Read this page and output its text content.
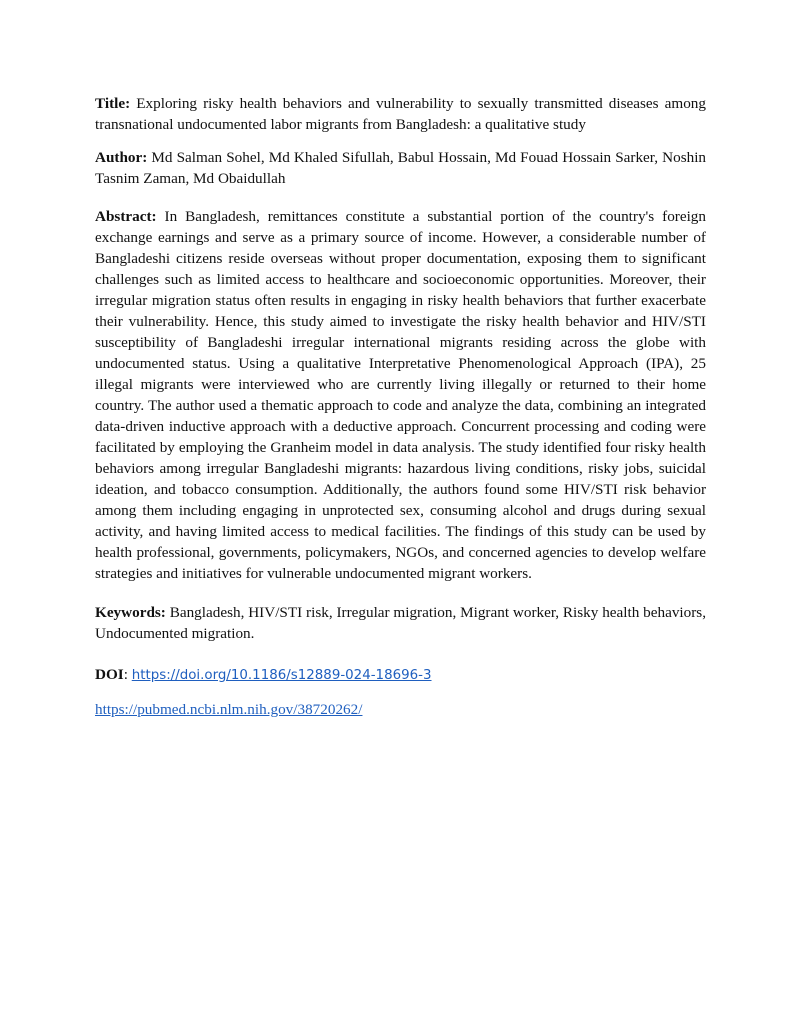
Title: Exploring risky health behaviors and vulnerability to sexually transmitted diseases among transnational undocumented labor migrants from Bangladesh: a qualitative study

Author: Md Salman Sohel, Md Khaled Sifullah, Babul Hossain, Md Fouad Hossain Sarker, Noshin Tasnim Zaman, Md Obaidullah

Abstract: In Bangladesh, remittances constitute a substantial portion of the country's foreign exchange earnings and serve as a primary source of income. However, a considerable number of Bangladeshi citizens reside overseas without proper documentation, exposing them to significant challenges such as limited access to healthcare and socioeconomic opportunities. Moreover, their irregular migration status often results in engaging in risky health behaviors that further exacerbate their vulnerability. Hence, this study aimed to investigate the risky health behavior and HIV/STI susceptibility of Bangladeshi irregular international migrants residing across the globe with undocumented status. Using a qualitative Interpretative Phenomenological Approach (IPA), 25 illegal migrants were interviewed who are currently living illegally or returned to their home country. The author used a thematic approach to code and analyze the data, combining an integrated data-driven inductive approach with a deductive approach. Concurrent processing and coding were facilitated by employing the Granheim model in data analysis. The study identified four risky health behaviors among irregular Bangladeshi migrants: hazardous living conditions, risky jobs, suicidal ideation, and tobacco consumption. Additionally, the authors found some HIV/STI risk behavior among them including engaging in unprotected sex, consuming alcohol and drugs during sexual activity, and having limited access to medical facilities. The findings of this study can be used by health professional, governments, policymakers, NGOs, and concerned agencies to develop welfare strategies and initiatives for vulnerable undocumented migrant workers.

Keywords: Bangladesh, HIV/STI risk, Irregular migration, Migrant worker, Risky health behaviors, Undocumented migration.

DOI: https://doi.org/10.1186/s12889-024-18696-3

https://pubmed.ncbi.nlm.nih.gov/38720262/
